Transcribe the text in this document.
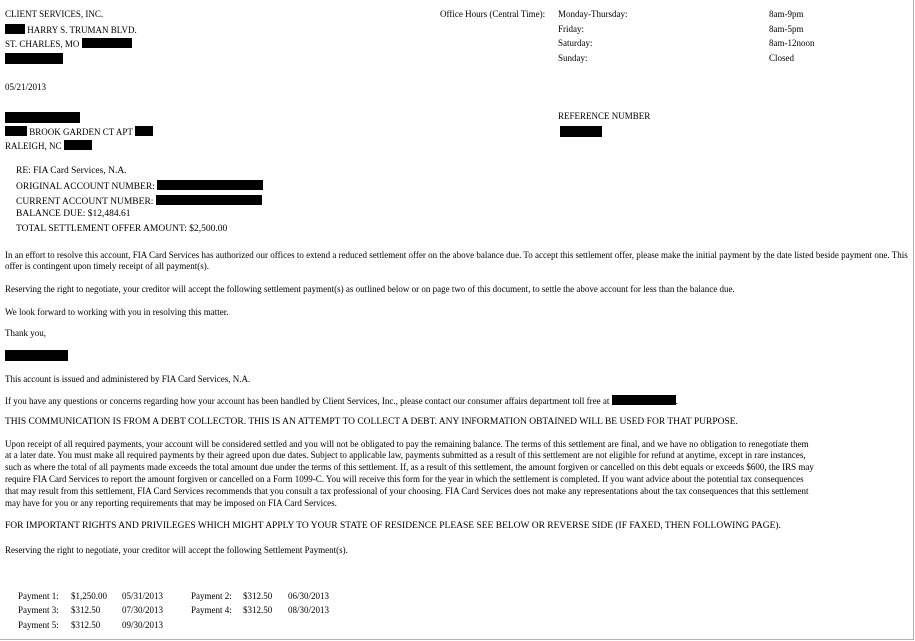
CLIENT SERVICES, INC.
HARRY S. TRUMAN BLVD.
ST. CHARLES, MO
Office Hours (Central Time): Monday-Thursday:	8am-9pm
Friday:	8am-5pm
Saturday:	8am-12noon
Sunday:	Closed
05/21/2013
BROOK GARDEN CT APT
RALEIGH, NC
REFERENCE NUMBER
RE: FIA Card Services, N.A.
ORIGINAL ACCOUNT NUMBER:
CURRENT ACCOUNT NUMBER:
BALANCE DUE: $12,484.61
TOTAL SETTLEMENT OFFER AMOUNT: $2,500.00
In an effort to resolve this account, FIA Card Services has authorized our offices to extend a reduced settlement offer on the above balance due. To accept this settlement offer, please make the initial payment by the date listed beside payment one. This offer is contingent upon timely receipt of all payment(s).
Reserving the right to negotiate, your creditor will accept the following settlement payment(s) as outlined below or on page two of this document, to settle the above account for less than the balance due.
We look forward to working with you in resolving this matter.
Thank you,
This account is issued and administered by FIA Card Services, N.A.
If you have any questions or concerns regarding how your account has been handled by Client Services, Inc., please contact our consumer affairs department toll free at	.
THIS COMMUNICATION IS FROM A DEBT COLLECTOR. THIS IS AN ATTEMPT TO COLLECT A DEBT. ANY INFORMATION OBTAINED WILL BE USED FOR THAT PURPOSE.
Upon receipt of all required payments, your account will be considered settled and you will not be obligated to pay the remaining balance. The terms of this settlement are final, and we have no obligation to renegotiate them
at a later date. You must make all required payments by their agreed upon due dates. Subject to applicable law, payments submitted as a result of this settlement are not eligible for refund at anytime, except in rare instances,
such as where the total of all payments made exceeds the total amount due under the terms of this settlement. If, as a result of this settlement, the amount forgiven or cancelled on this debt equals or exceeds $600, the IRS may
require FIA Card Services to report the amount forgiven or cancelled on a Form 1099-C. You will receive this form for the year in which the settlement is completed. If you want advice about the potential tax consequences
that may result from this settlement, FIA Card Services recommends that you consult a tax professional of your choosing. FIA Card Services does not make any representations about the tax consequences that this settlement
may have for you or any reporting requirements that may be imposed on FIA Card Services.
FOR IMPORTANT RIGHTS AND PRIVILEGES WHICH MIGHT APPLY TO YOUR STATE OF RESIDENCE PLEASE SEE BELOW OR REVERSE SIDE (IF FAXED, THEN FOLLOWING PAGE).
Reserving the right to negotiate, your creditor will accept the following Settlement Payment(s).
Payment 1: $1,250.00 05/31/2013	Payment 2: $312.50 06/30/2013
Payment 3: $312.50 07/30/2013	Payment 4: $312.50 08/30/2013
Payment 5: $312.50 09/30/2013
